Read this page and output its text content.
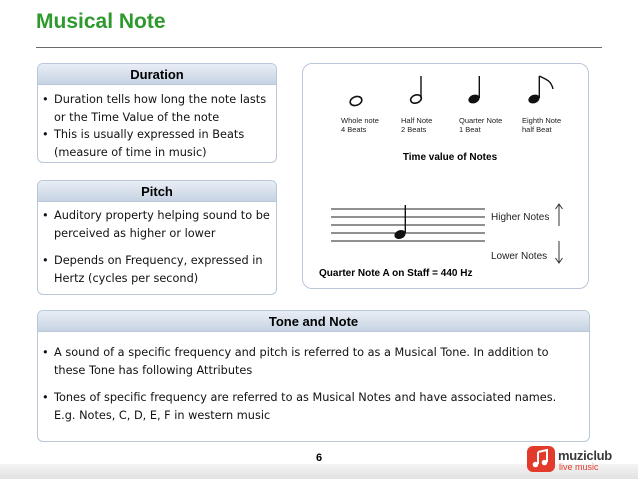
Musical Note
Duration
• Duration tells how long the note lasts or the Time Value of the note
• This is usually expressed in Beats (measure of time in music)
Pitch
• Auditory property helping sound to be perceived as higher or lower
• Depends on Frequency, expressed in Hertz (cycles per second)
Whole note
4 Beats
Half Note
2 Beats
Quarter Note
1 Beat
Eighth Note
half Beat
Time value of Notes
Higher Notes
Lower Notes
Quarter Note A on Staff = 440 Hz
Tone and Note
• A sound of a specific frequency and pitch is referred to as a Musical Tone. In addition to these Tone has following Attributes
• Tones of specific frequency are referred to as Musical Notes and have associated names. E.g. Notes, C, D, E, F in western music
6	muziclub
live music
